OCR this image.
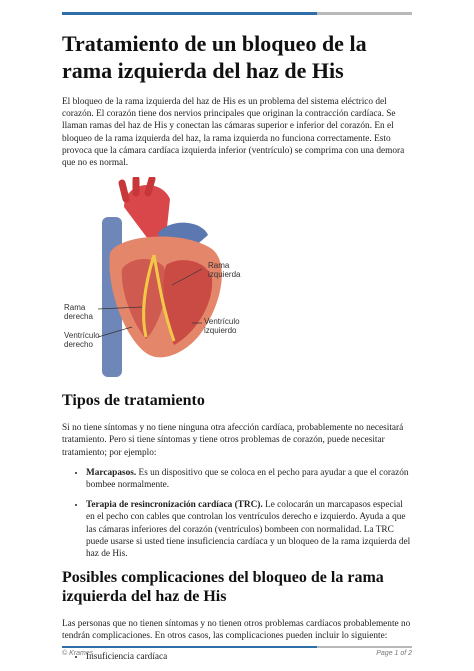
Tratamiento de un bloqueo de la rama izquierda del haz de His

El bloqueo de la rama izquierda del haz de His es un problema del sistema eléctrico del corazón. El corazón tiene dos nervios principales que originan la contracción cardíaca. Se llaman ramas del haz de His y conectan las cámaras superior e inferior del corazón. En el bloqueo de la rama izquierda del haz, la rama izquierda no funciona correctamente. Esto provoca que la cámara cardíaca izquierda inferior (ventrículo) se comprima con una demora que no es normal.

Rama izquierda
Rama derecha
Ventrículo izquierdo
Ventrículo derecho
Tipos de tratamiento

Si no tiene síntomas y no tiene ninguna otra afección cardíaca, probablemente no necesitará tratamiento. Pero si tiene síntomas y tiene otros problemas de corazón, puede necesitar tratamiento; por ejemplo:

• Marcapasos. Es un dispositivo que se coloca en el pecho para ayudar a que el corazón bombee normalmente.
• Terapia de resincronización cardíaca (TRC). Le colocarán un marcapasos especial en el pecho con cables que controlan los ventrículos derecho e izquierdo. Ayuda a que las cámaras inferiores del corazón (ventrículos) bombeen con normalidad. La TRC puede usarse si usted tiene insuficiencia cardíaca y un bloqueo de la rama izquierda del haz de His.
Posibles complicaciones del bloqueo de la rama izquierda del haz de His

Las personas que no tienen síntomas y no tienen otros problemas cardíacos probablemente no tendrán complicaciones. En otros casos, las complicaciones pueden incluir lo siguiente:

• Insuficiencia cardíaca
© Krames	Page 1 of 2
